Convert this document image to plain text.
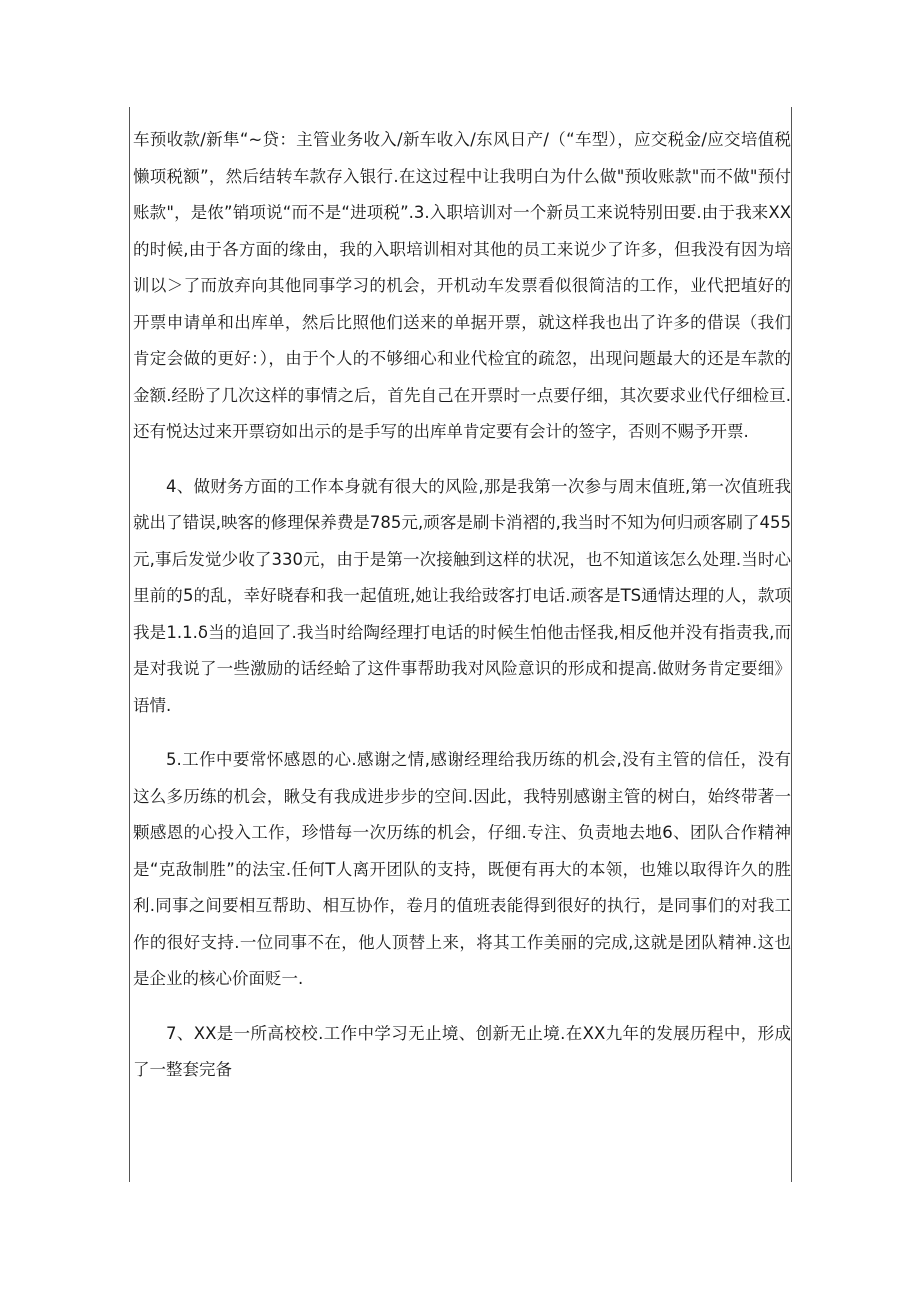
车预收款/新隼“~贷：主管业务收入/新车收入/东风日产/（“车型），应交税金/应交培值税懒项税额”，然后结转车款存入银行.在这过程中让我明白为什么做"预收账款"而不做"预付账款"，是侬”销项说“而不是“进项税”.3.入职培训对一个新员工来说特别田要.由于我来XX的时候,由于各方面的缘由，我的入职培训相对其他的员工来说少了许多，但我没有因为培训以＞了而放弃向其他同事学习的机会，开机动车发票看似很简洁的工作，业代把埴好的开票申请单和出库单，然后比照他们送来的单据开票，就这样我也出了许多的借误（我们肯定会做的更好：），由于个人的不够细心和业代检宜的疏忽，出现问题最大的还是车款的金额.经盼了几次这样的事情之后，首先自己在开票时一点要仔细，其次要求业代仔细检亘.还有悦达过来开票窃如出示的是手写的出库单肯定要有会计的签字，否则不赐予开票.

4、做财务方面的工作本身就有很大的风险,那是我第一次参与周末值班,第一次值班我就出了错误,映客的修理保养费是785元,顽客是刷卡消褶的,我当时不知为何归顽客刷了455元,事后发觉少收了330元，由于是第一次接触到这样的状况，也不知道该怎么处理.当时心里前的5的乱，幸好晓春和我一起值班,她让我给豉客打电话.顽客是TS通情达理的人，款项我是1.1.δ当的追回了.我当时给陶经理打电话的时候生怕他击怪我,相反他并没有指责我,而是对我说了一些激励的话经蛤了这件事帮助我对风险意识的形成和提高.做财务肯定要细》语情.

5.工作中要常怀感恩的心.感谢之情,感谢经理给我历练的机会,没有主管的信任，没有这么多历练的机会，瞅殳有我成进步步的空间.因此，我特别感谢主管的树白，始终带著一颗感恩的心投入工作，珍惜每一次历练的机会，仔细.专注、负责地去地6、团队合作精神是“克敌制胜”的法宝.任何T人离开团队的支持，既便有再大的本领，也雉以取得许久的胜利.同事之间要相互帮助、相互协作，卷月的值班表能得到很好的执行，是同事们的对我工作的很好支持.一位同事不在，他人顶替上来，将其工作美丽的完成,这就是团队精神.这也是企业的核心价面贬一.

7、XX是一所高校校.工作中学习无止境、创新无止境.在XX九年的发展历程中，形成了一整套完备
